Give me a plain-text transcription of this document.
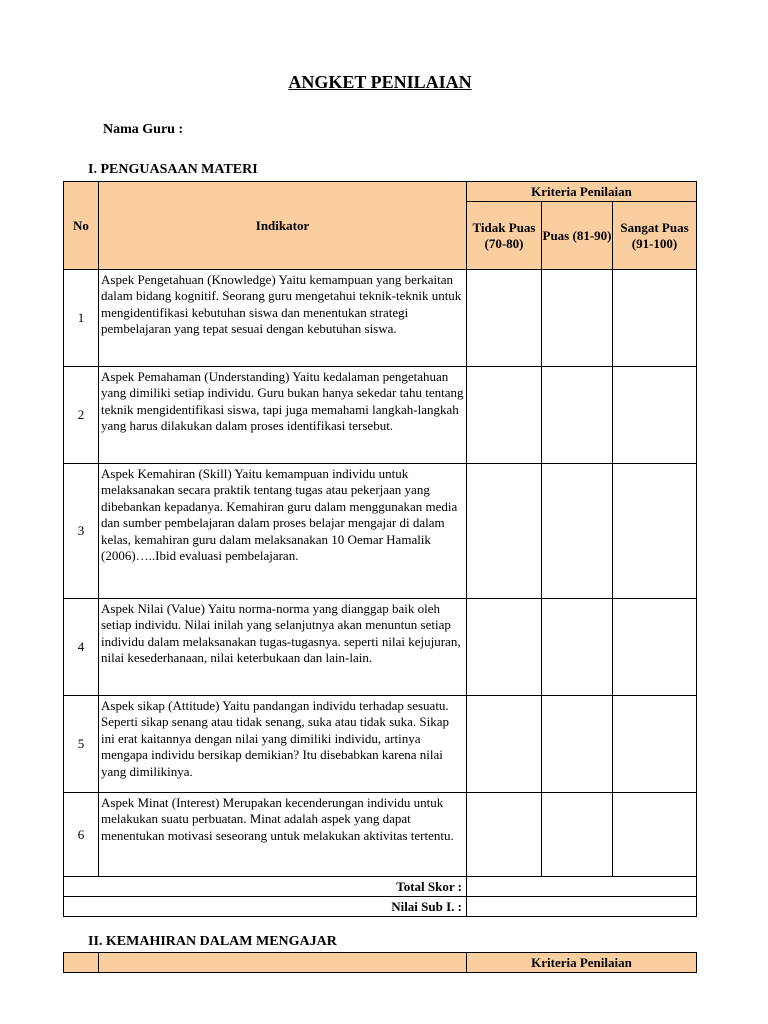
ANGKET PENILAIAN
Nama Guru :
I. PENGUASAAN MATERI
No	Indikator	Kriteria Penilaian		
		Tidak Puas (70-80)	Puas (81-90)	Sangat Puas (91-100)
1	Aspek Pengetahuan (Knowledge) Yaitu kemampuan yang berkaitan dalam bidang kognitif. Seorang guru mengetahui teknik-teknik untuk mengidentifikasi kebutuhan siswa dan menentukan strategi pembelajaran yang tepat sesuai dengan kebutuhan siswa.			
2	Aspek Pemahaman (Understanding) Yaitu kedalaman pengetahuan yang dimiliki setiap individu. Guru bukan hanya sekedar tahu tentang teknik mengidentifikasi siswa, tapi juga memahami langkah-langkah yang harus dilakukan dalam proses identifikasi tersebut.			
3	Aspek Kemahiran (Skill) Yaitu kemampuan individu untuk melaksanakan secara praktik tentang tugas atau pekerjaan yang dibebankan kepadanya. Kemahiran guru dalam menggunakan media dan sumber pembelajaran dalam proses belajar mengajar di dalam kelas, kemahiran guru dalam melaksanakan 10 Oemar Hamalik (2006)…..Ibid evaluasi pembelajaran.			
4	Aspek Nilai (Value) Yaitu norma-norma yang dianggap baik oleh setiap individu. Nilai inilah yang selanjutnya akan menuntun setiap individu dalam melaksanakan tugas-tugasnya. seperti nilai kejujuran, nilai kesederhanaan, nilai keterbukaan dan lain-lain.			
5	Aspek sikap (Attitude) Yaitu pandangan individu terhadap sesuatu. Seperti sikap senang atau tidak senang, suka atau tidak suka. Sikap ini erat kaitannya dengan nilai yang dimiliki individu, artinya mengapa individu bersikap demikian? Itu disebabkan karena nilai yang dimilikinya.			
6	Aspek Minat (Interest) Merupakan kecenderungan individu untuk melakukan suatu perbuatan. Minat adalah aspek yang dapat menentukan motivasi seseorang untuk melakukan aktivitas tertentu.			
Total Skor :				
Nilai Sub I. :				
II. KEMAHIRAN DALAM MENGAJAR
		Kriteria Penilaian
